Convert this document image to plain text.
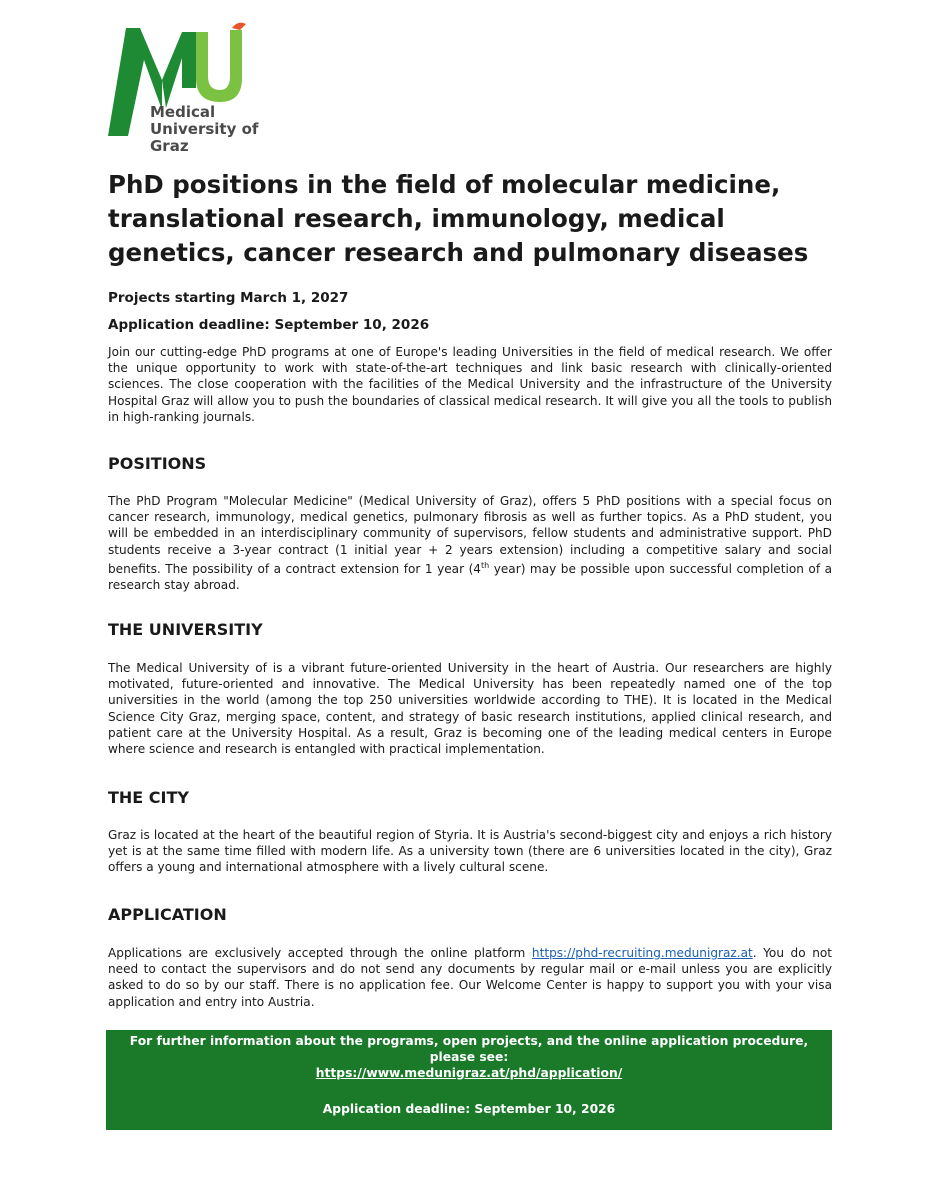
Medical
University of Graz
PhD positions in the field of molecular medicine, translational research, immunology, medical genetics, cancer research and pulmonary diseases

Projects starting March 1, 2027

Application deadline: September 10, 2026

Join our cutting-edge PhD programs at one of Europe's leading Universities in the field of medical research. We offer the unique opportunity to work with state-of-the-art techniques and link basic research with clinically-oriented sciences. The close cooperation with the facilities of the Medical University and the infrastructure of the University Hospital Graz will allow you to push the boundaries of classical medical research. It will give you all the tools to publish in high-ranking journals.

POSITIONS

The PhD Program "Molecular Medicine" (Medical University of Graz), offers 5 PhD positions with a special focus on cancer research, immunology, medical genetics, pulmonary fibrosis as well as further topics. As a PhD student, you will be embedded in an interdisciplinary community of supervisors, fellow students and administrative support. PhD students receive a 3-year contract (1 initial year + 2 years extension) including a competitive salary and social benefits. The possibility of a contract extension for 1 year (4th year) may be possible upon successful completion of a research stay abroad.

THE UNIVERSITIY

The Medical University of is a vibrant future-oriented University in the heart of Austria. Our researchers are highly motivated, future-oriented and innovative. The Medical University has been repeatedly named one of the top universities in the world (among the top 250 universities worldwide according to THE). It is located in the Medical Science City Graz, merging space, content, and strategy of basic research institutions, applied clinical research, and patient care at the University Hospital. As a result, Graz is becoming one of the leading medical centers in Europe where science and research is entangled with practical implementation.

THE CITY

Graz is located at the heart of the beautiful region of Styria. It is Austria's second-biggest city and enjoys a rich history yet is at the same time filled with modern life. As a university town (there are 6 universities located in the city), Graz offers a young and international atmosphere with a lively cultural scene.

APPLICATION

Applications are exclusively accepted through the online platform https://phd-recruiting.medunigraz.at. You do not need to contact the supervisors and do not send any documents by regular mail or e-mail unless you are explicitly asked to do so by our staff. There is no application fee. Our Welcome Center is happy to support you with your visa application and entry into Austria.

For further information about the programs, open projects, and the online application procedure, please see:

https://www.medunigraz.at/phd/application/

Application deadline: September 10, 2026
